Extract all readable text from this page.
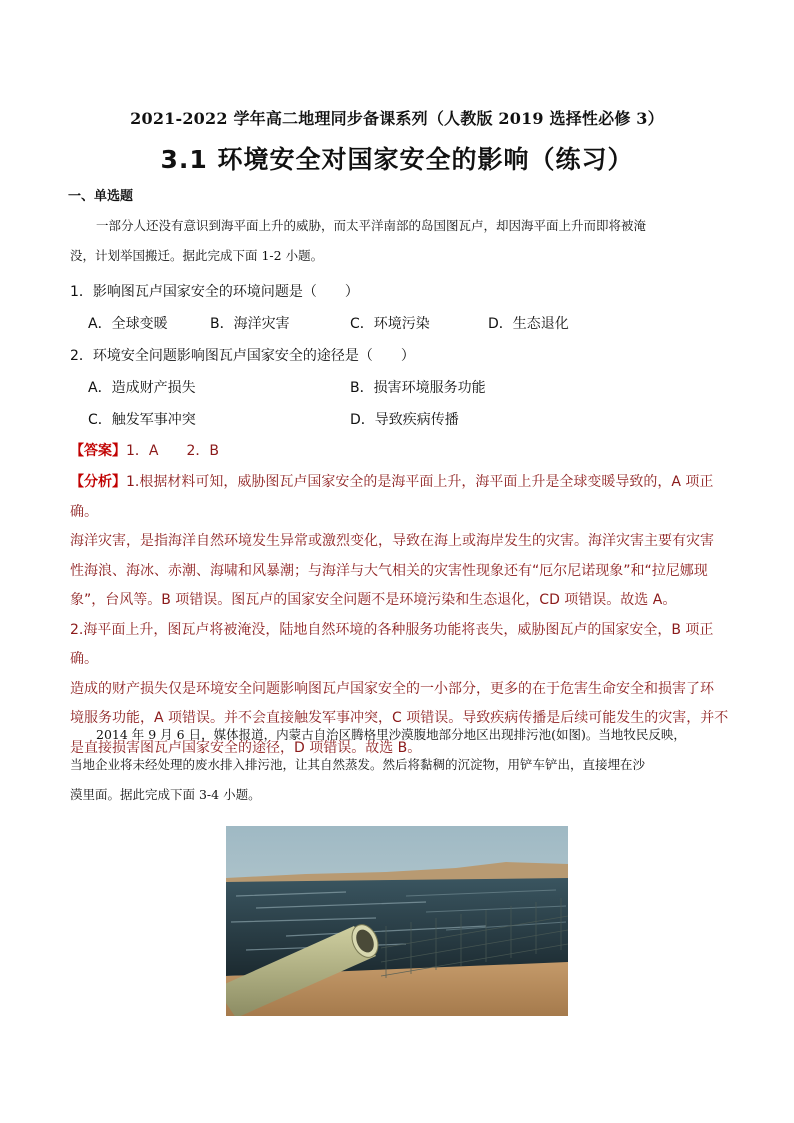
2021-2022 学年高二地理同步备课系列（人教版 2019 选择性必修 3）
3.1 环境安全对国家安全的影响（练习）
一、单选题
一部分人还没有意识到海平面上升的威胁，而太平洋南部的岛国图瓦卢，却因海平面上升而即将被淹
没，计划举国搬迁。据此完成下面 1-2 小题。
1．影响图瓦卢国家安全的环境问题是（　　）
A．全球变暖	B．海洋灾害	C．环境污染	D．生态退化
2．环境安全问题影响图瓦卢国家安全的途径是（　　）
A．造成财产损失	B．损害环境服务功能
C．触发军事冲突	D．导致疾病传播
【答案】1．A　　2．B
【分析】1.根据材料可知，威胁图瓦卢国家安全的是海平面上升，海平面上升是全球变暖导致的，A 项正确。
海洋灾害，是指海洋自然环境发生异常或激烈变化，导致在海上或海岸发生的灾害。海洋灾害主要有灾害
性海浪、海冰、赤潮、海啸和风暴潮；与海洋与大气相关的灾害性现象还有“厄尔尼诺现象”和“拉尼娜现
象”，台风等。B 项错误。图瓦卢的国家安全问题不是环境污染和生态退化，CD 项错误。故选 A。
2.海平面上升，图瓦卢将被淹没，陆地自然环境的各种服务功能将丧失，威胁图瓦卢的国家安全，B 项正确。
造成的财产损失仅是环境安全问题影响图瓦卢国家安全的一小部分，更多的在于危害生命安全和损害了环
境服务功能，A 项错误。并不会直接触发军事冲突，C 项错误。导致疾病传播是后续可能发生的灾害，并不
是直接损害图瓦卢国家安全的途径，D 项错误。故选 B。
2014 年 9 月 6 日，媒体报道，内蒙古自治区腾格里沙漠腹地部分地区出现排污池(如图)。当地牧民反映，
当地企业将未经处理的废水排入排污池，让其自然蒸发。然后将黏稠的沉淀物，用铲车铲出，直接埋在沙
漠里面。据此完成下面 3-4 小题。
